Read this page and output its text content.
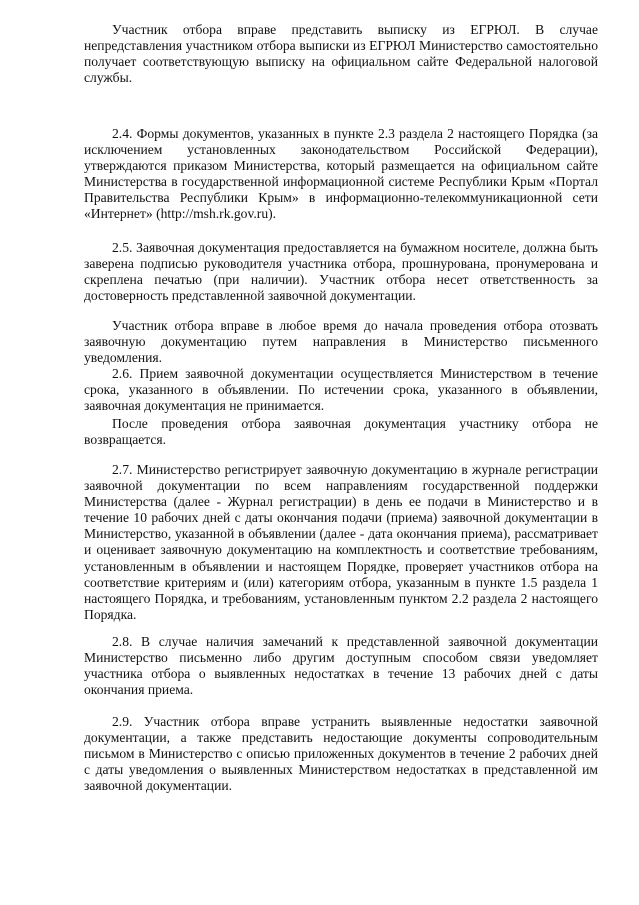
Участник отбора вправе представить выписку из ЕГРЮЛ. В случае непредставления участником отбора выписки из ЕГРЮЛ Министерство самостоятельно получает соответствующую выписку на официальном сайте Федеральной налоговой службы.

2.4. Формы документов, указанных в пункте 2.3 раздела 2 настоящего Порядка (за исключением установленных законодательством Российской Федерации), утверждаются приказом Министерства, который размещается на официальном сайте Министерства в государственной информационной системе Республики Крым «Портал Правительства Республики Крым» в информационно-телекоммуникационной сети «Интернет» (http://msh.rk.gov.ru).

2.5. Заявочная документация предоставляется на бумажном носителе, должна быть заверена подписью руководителя участника отбора, прошнурована, пронумерована и скреплена печатью (при наличии). Участник отбора несет ответственность за достоверность представленной заявочной документации.

Участник отбора вправе в любое время до начала проведения отбора отозвать заявочную документацию путем направления в Министерство письменного уведомления.

2.6. Прием заявочной документации осуществляется Министерством в течение срока, указанного в объявлении. По истечении срока, указанного в объявлении, заявочная документация не принимается.

После проведения отбора заявочная документация участнику отбора не возвращается.

2.7. Министерство регистрирует заявочную документацию в журнале регистрации заявочной документации по всем направлениям государственной поддержки Министерства (далее - Журнал регистрации) в день ее подачи в Министерство и в течение 10 рабочих дней с даты окончания подачи (приема) заявочной документации в Министерство, указанной в объявлении (далее - дата окончания приема), рассматривает и оценивает заявочную документацию на комплектность и соответствие требованиям, установленным в объявлении и настоящем Порядке, проверяет участников отбора на соответствие критериям и (или) категориям отбора, указанным в пункте 1.5 раздела 1 настоящего Порядка, и требованиям, установленным пунктом 2.2 раздела 2 настоящего Порядка.

2.8. В случае наличия замечаний к представленной заявочной документации Министерство письменно либо другим доступным способом связи уведомляет участника отбора о выявленных недостатках в течение 13 рабочих дней с даты окончания приема.

2.9. Участник отбора вправе устранить выявленные недостатки заявочной документации, а также представить недостающие документы сопроводительным письмом в Министерство с описью приложенных документов в течение 2 рабочих дней с даты уведомления о выявленных Министерством недостатках в представленной им заявочной документации.
